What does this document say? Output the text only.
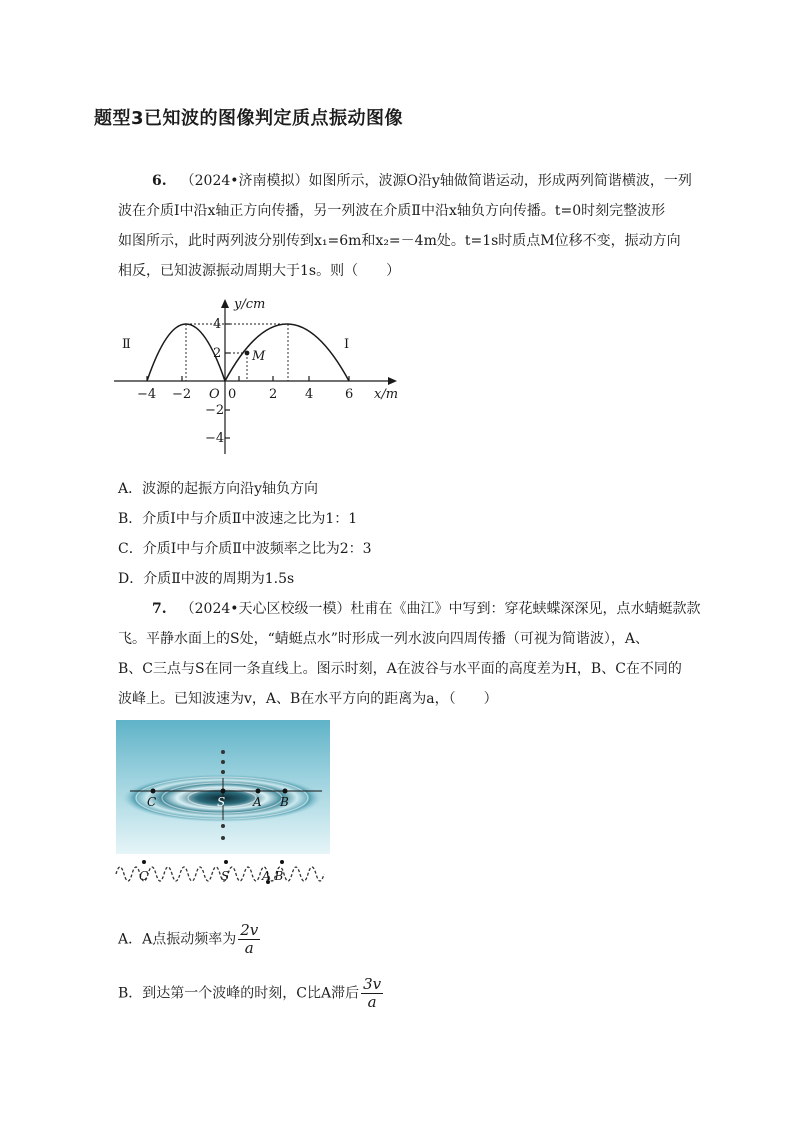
题型3已知波的图像判定质点振动图像
6.  （2024•济南模拟）如图所示，波源O沿y轴做简谐运动，形成两列简谐横波，一列
波在介质Ⅰ中沿x轴正方向传播，另一列波在介质Ⅱ中沿x轴负方向传播。t=0时刻完整波形
如图所示，此时两列波分别传到x₁=6m和x₂=－4m处。t=1s时质点M位移不变，振动方向
相反，已知波源振动周期大于1s。则（　　）
y/cm
x/m
O
M
Ⅱ	Ⅰ
−4 −2	0	2 4 6
4
2
−2
−4
A．波源的起振方向沿y轴负方向
B．介质Ⅰ中与介质Ⅱ中波速之比为1：1
C．介质Ⅰ中与介质Ⅱ中波频率之比为2：3
D．介质Ⅱ中波的周期为1.5s
7.  （2024•天心区校级一模）杜甫在《曲江》中写到：穿花蛱蝶深深见，点水蜻蜓款款
飞。平静水面上的S处，“蜻蜓点水”时形成一列水波向四周传播（可视为简谐波），A、
B、C三点与S在同一条直线上。图示时刻，A在波谷与水平面的高度差为H，B、C在不同的
波峰上。已知波速为v，A、B在水平方向的距离为a，（　　）
C	S A B
C	S	A B
A．A点振动频率为 $\frac{2v}{a}$
B．到达第一个波峰的时刻，C比A滞后 $\frac{3v}{a}$
